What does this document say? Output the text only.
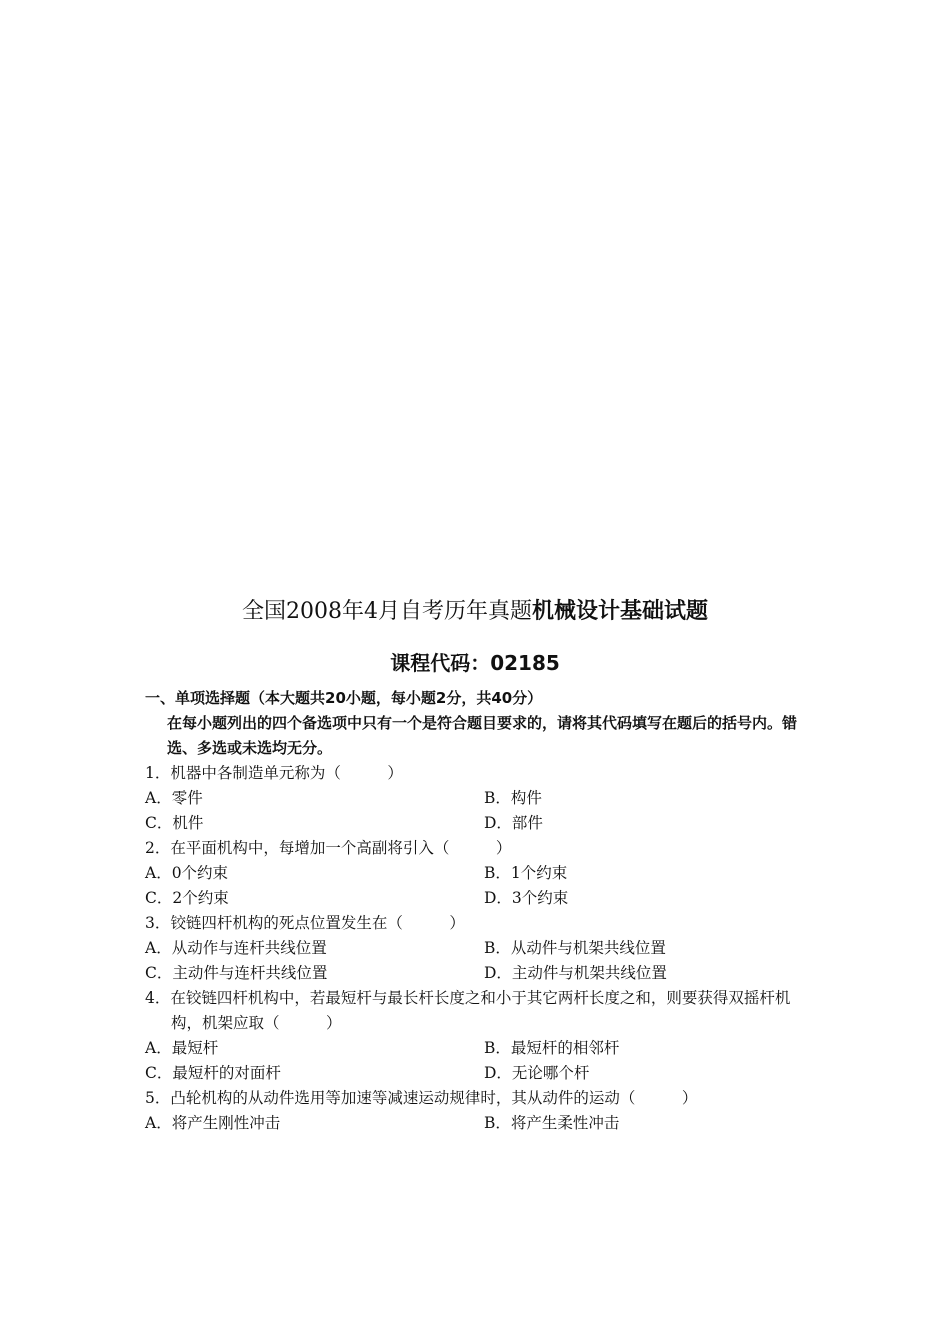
全国2008年4月自考历年真题机械设计基础试题
课程代码：02185
一、单项选择题（本大题共20小题，每小题2分，共40分）
在每小题列出的四个备选项中只有一个是符合题目要求的，请将其代码填写在题后的括号内。错选、多选或未选均无分。
1．机器中各制造单元称为（　　　）
A．零件	B．构件
C．机件	D．部件
2．在平面机构中，每增加一个高副将引入（　　　）
A．0个约束	B．1个约束
C．2个约束	D．3个约束
3．铰链四杆机构的死点位置发生在（　　　）
A．从动作与连杆共线位置	B．从动件与机架共线位置
C．主动件与连杆共线位置	D．主动件与机架共线位置
4．在铰链四杆机构中，若最短杆与最长杆长度之和小于其它两杆长度之和，则要获得双摇杆机构，机架应取（　　　）
A．最短杆	B．最短杆的相邻杆
C．最短杆的对面杆	D．无论哪个杆
5．凸轮机构的从动件选用等加速等减速运动规律时，其从动件的运动（　　　）
A．将产生刚性冲击	B．将产生柔性冲击
